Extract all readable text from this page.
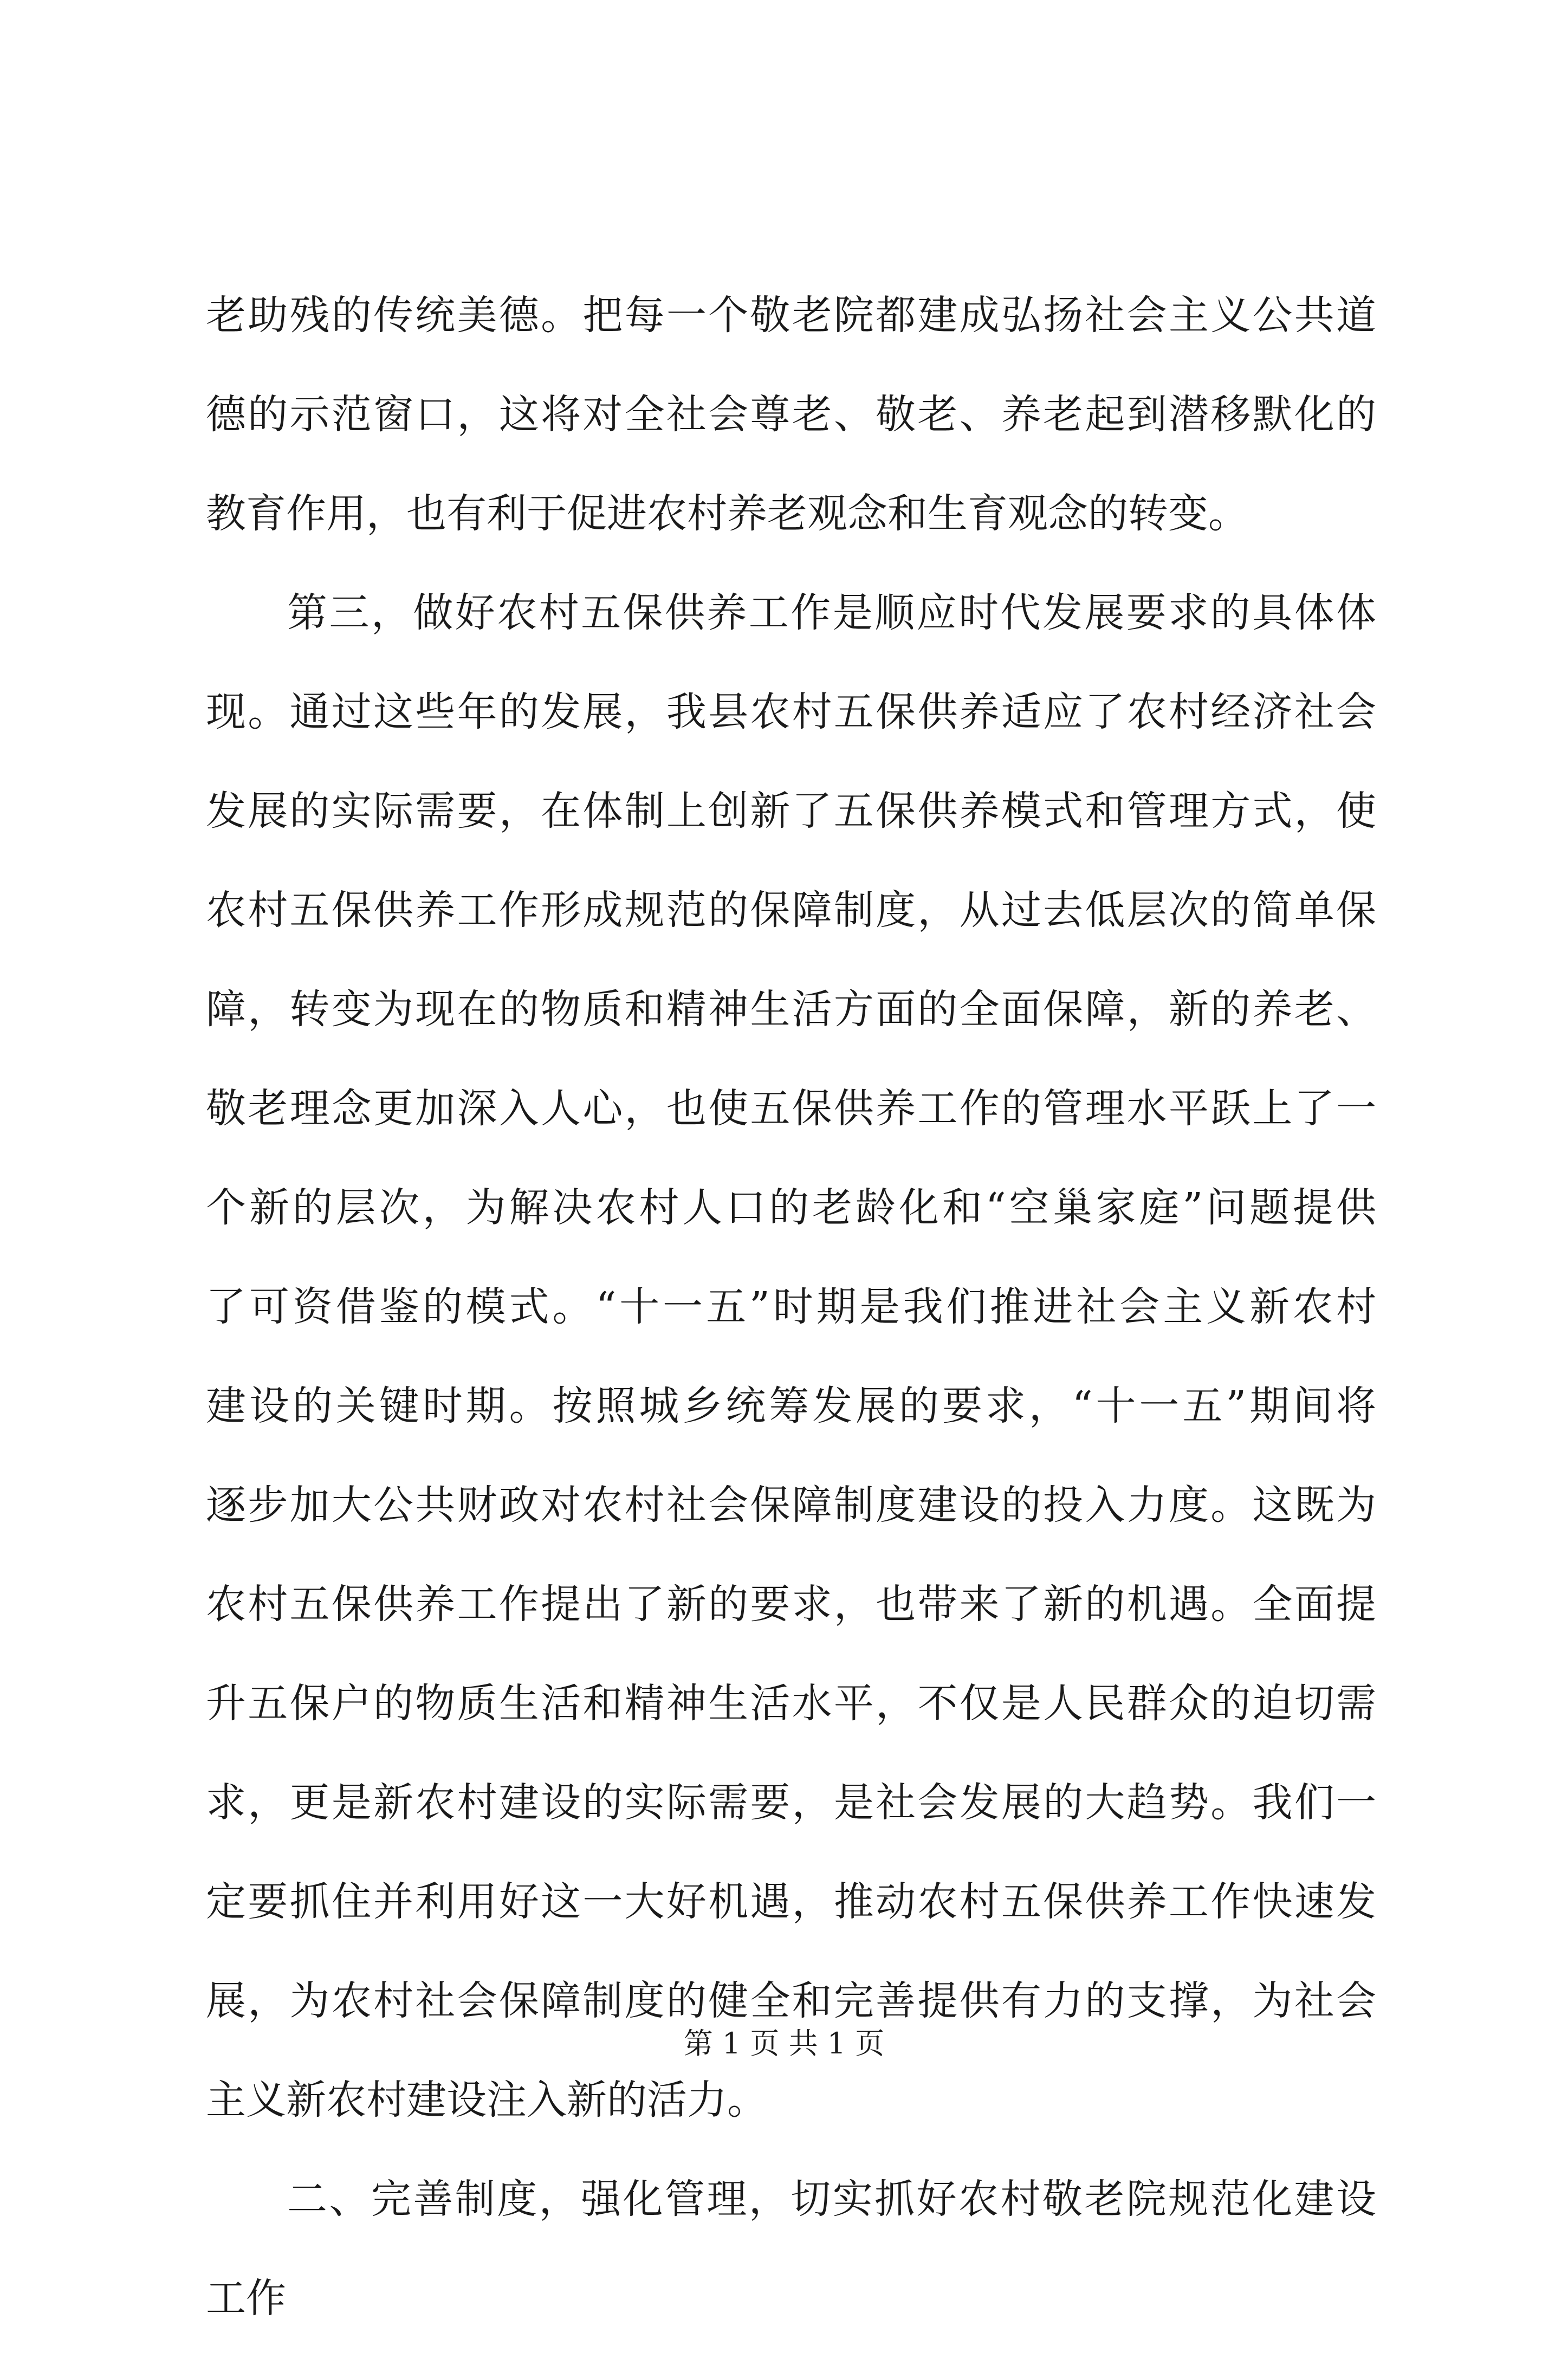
老助残的传统美德。把每一个敬老院都建成弘扬社会主义公共道
德的示范窗口，这将对全社会尊老、敬老、养老起到潜移默化的
教育作用，也有利于促进农村养老观念和生育观念的转变。
第三，做好农村五保供养工作是顺应时代发展要求的具体体
现。通过这些年的发展，我县农村五保供养适应了农村经济社会
发展的实际需要，在体制上创新了五保供养模式和管理方式，使
农村五保供养工作形成规范的保障制度，从过去低层次的简单保
障，转变为现在的物质和精神生活方面的全面保障，新的养老、
敬老理念更加深入人心，也使五保供养工作的管理水平跃上了一
个新的层次，为解决农村人口的老龄化和“空巢家庭”问题提供
了可资借鉴的模式。“十一五”时期是我们推进社会主义新农村
建设的关键时期。按照城乡统筹发展的要求，“十一五”期间将
逐步加大公共财政对农村社会保障制度建设的投入力度。这既为
农村五保供养工作提出了新的要求，也带来了新的机遇。全面提
升五保户的物质生活和精神生活水平，不仅是人民群众的迫切需
求，更是新农村建设的实际需要，是社会发展的大趋势。我们一
定要抓住并利用好这一大好机遇，推动农村五保供养工作快速发
展，为农村社会保障制度的健全和完善提供有力的支撑，为社会
主义新农村建设注入新的活力。
二、完善制度，强化管理，切实抓好农村敬老院规范化建设
工作
第 1 页 共 1 页
